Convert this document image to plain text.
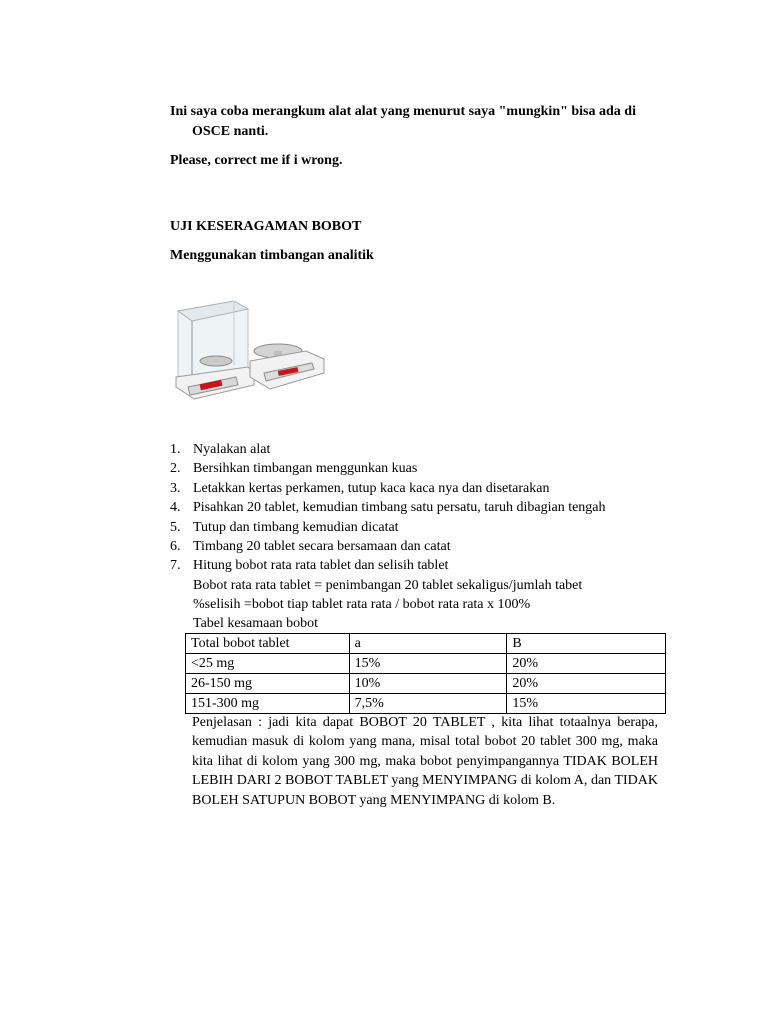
Ini saya coba merangkum alat alat yang menurut saya "mungkin" bisa ada di OSCE nanti.

Please, correct me if i wrong.

UJI KESERAGAMAN BOBOT

Menggunakan timbangan analitik

1. Nyalakan alat
2. Bersihkan timbangan menggunkan kuas
3. Letakkan kertas perkamen, tutup kaca kaca nya dan disetarakan
4. Pisahkan 20 tablet, kemudian timbang satu persatu, taruh dibagian tengah
5. Tutup dan timbang kemudian dicatat
6. Timbang 20 tablet secara bersamaan dan catat
7. Hitung bobot rata rata tablet dan selisih tablet

Bobot rata rata tablet = penimbangan 20 tablet sekaligus/jumlah tabet

%selisih =bobot tiap tablet rata rata / bobot rata rata x 100%

Tabel kesamaan bobot

Total bobot tablet	a	B
<25 mg	15%	20%
26-150 mg	10%	20%
151-300 mg	7,5%	15%

Penjelasan : jadi kita dapat BOBOT 20 TABLET , kita lihat totaalnya berapa, kemudian masuk di kolom yang mana, misal total bobot 20 tablet 300 mg, maka kita lihat di kolom yang 300 mg, maka bobot penyimpangannya TIDAK BOLEH LEBIH DARI 2 BOBOT TABLET yang MENYIMPANG di kolom A, dan TIDAK BOLEH SATUPUN BOBOT yang MENYIMPANG di kolom B.
